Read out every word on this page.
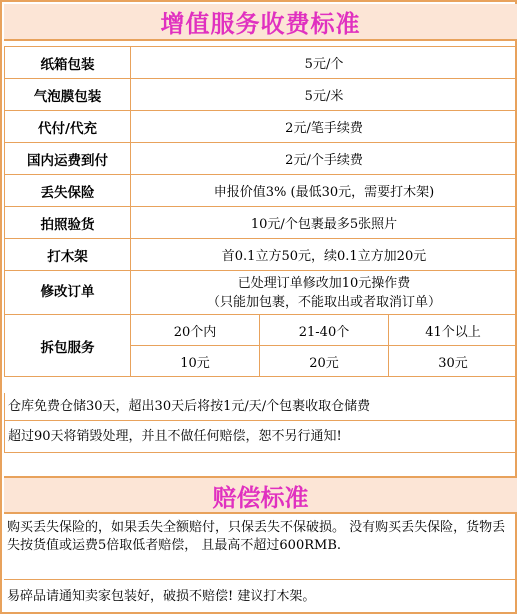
增值服务收费标准
纸箱包装	5元/个		
气泡膜包装	5元/米		
代付/代充	2元/笔手续费		
国内运费到付	2元/个手续费		
丢失保险	申报价值3% (最低30元，需要打木架)		
拍照验货	10元/个包裹最多5张照片		
打木架	首0.1立方50元，续0.1立方加20元		
修改订单	已处理订单修改加10元操作费
（只能加包裹，不能取出或者取消订单）		

拆包服务	20个内	21-40个	41个以上
	10元	20元	30元
仓库免费仓储30天，超出30天后将按1元/天/个包裹收取仓储费
超过90天将销毁处理，并且不做任何赔偿，恕不另行通知!
赔偿标准
购买丢失保险的，如果丢失全额赔付，只保丢失不保破损。 没有购买丢失保险，货物丢失按货值或运费5倍取低者赔偿， 且最高不超过600RMB.
易碎品请通知卖家包装好，破损不赔偿! 建议打木架。
